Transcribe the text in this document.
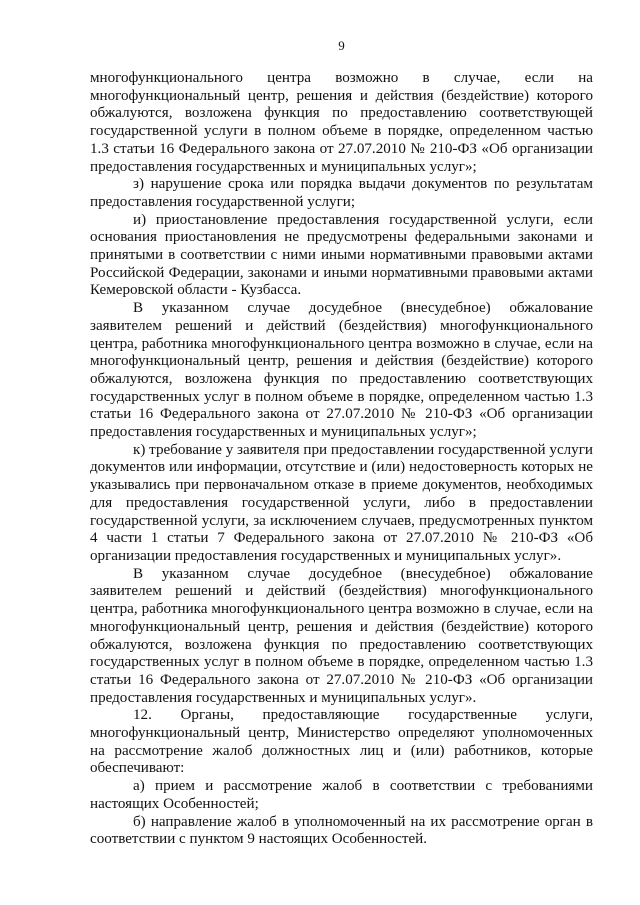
9

многофункционального центра возможно в случае, если на многофункциональный центр, решения и действия (бездействие) которого обжалуются, возложена функция по предоставлению соответствующей государственной услуги в полном объеме в порядке, определенном частью 1.3 статьи 16 Федерального закона от 27.07.2010 № 210-ФЗ «Об организации предоставления государственных и муниципальных услуг»;

з) нарушение срока или порядка выдачи документов по результатам предоставления государственной услуги;

и) приостановление предоставления государственной услуги, если основания приостановления не предусмотрены федеральными законами и принятыми в соответствии с ними иными нормативными правовыми актами Российской Федерации, законами и иными нормативными правовыми актами Кемеровской области - Кузбасса.

В указанном случае досудебное (внесудебное) обжалование заявителем решений и действий (бездействия) многофункционального центра, работника многофункционального центра возможно в случае, если на многофункциональный центр, решения и действия (бездействие) которого обжалуются, возложена функция по предоставлению соответствующих государственных услуг в полном объеме в порядке, определенном частью 1.3 статьи 16 Федерального закона от 27.07.2010 № 210-ФЗ «Об организации предоставления государственных и муниципальных услуг»;

к) требование у заявителя при предоставлении государственной услуги документов или информации, отсутствие и (или) недостоверность которых не указывались при первоначальном отказе в приеме документов, необходимых для предоставления государственной услуги, либо в предоставлении государственной услуги, за исключением случаев, предусмотренных пунктом 4 части 1 статьи 7 Федерального закона от 27.07.2010 № 210-ФЗ «Об организации предоставления государственных и муниципальных услуг».

В указанном случае досудебное (внесудебное) обжалование заявителем решений и действий (бездействия) многофункционального центра, работника многофункционального центра возможно в случае, если на многофункциональный центр, решения и действия (бездействие) которого обжалуются, возложена функция по предоставлению соответствующих государственных услуг в полном объеме в порядке, определенном частью 1.3 статьи 16 Федерального закона от 27.07.2010 № 210-ФЗ «Об организации предоставления государственных и муниципальных услуг».

12. Органы, предоставляющие государственные услуги, многофункциональный центр, Министерство определяют уполномоченных на рассмотрение жалоб должностных лиц и (или) работников, которые обеспечивают:

а) прием и рассмотрение жалоб в соответствии с требованиями настоящих Особенностей;

б) направление жалоб в уполномоченный на их рассмотрение орган в соответствии с пунктом 9 настоящих Особенностей.
